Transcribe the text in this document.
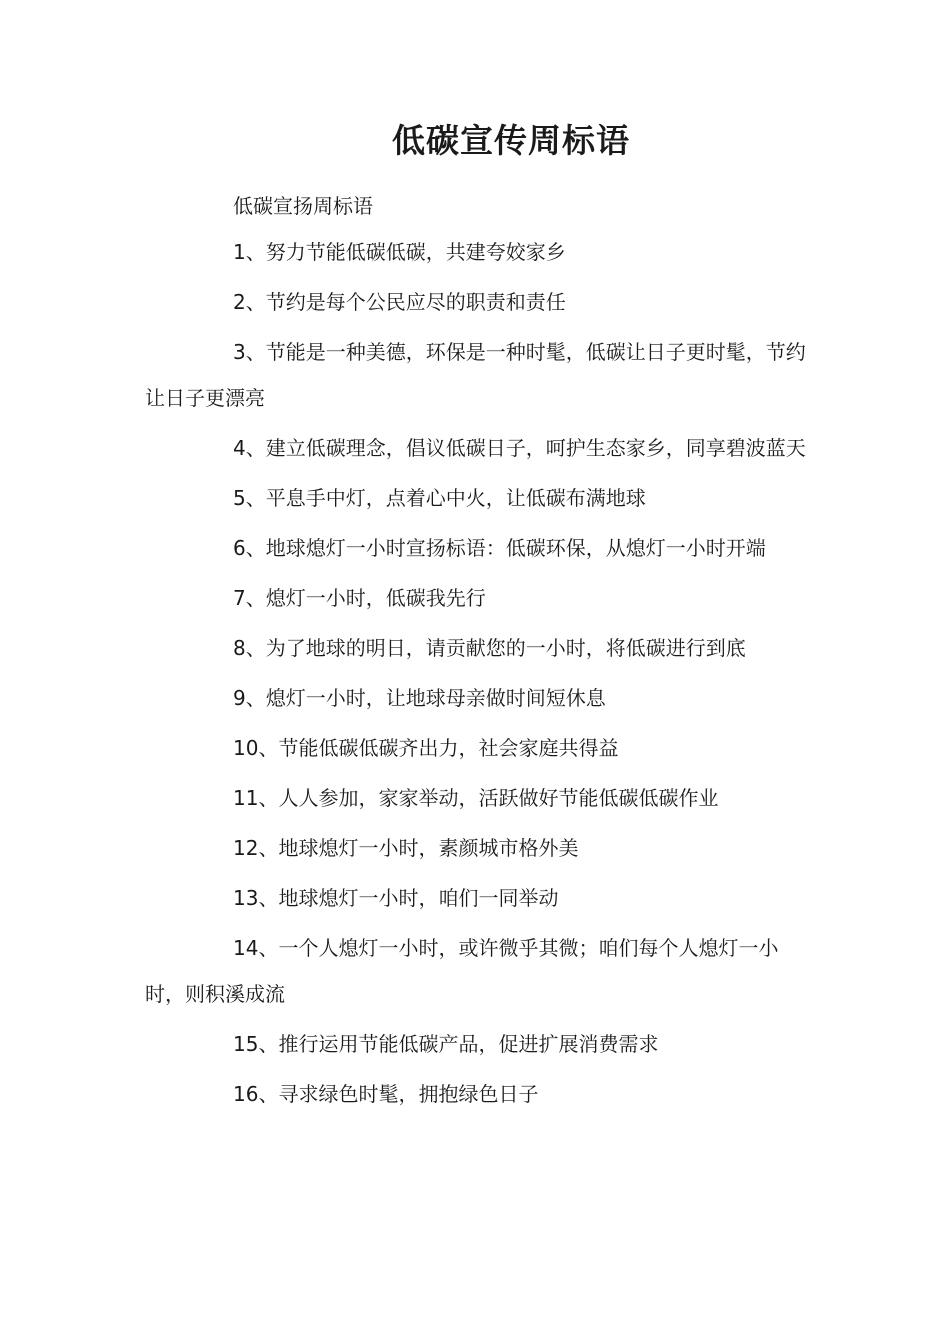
低碳宣传周标语

低碳宣扬周标语

1、努力节能低碳低碳，共建夸姣家乡

2、节约是每个公民应尽的职责和责任

3、节能是一种美德，环保是一种时髦，低碳让日子更时髦，节约让日子更漂亮

4、建立低碳理念，倡议低碳日子，呵护生态家乡，同享碧波蓝天

5、平息手中灯，点着心中火，让低碳布满地球

6、地球熄灯一小时宣扬标语：低碳环保，从熄灯一小时开端

7、熄灯一小时，低碳我先行

8、为了地球的明日，请贡献您的一小时，将低碳进行到底

9、熄灯一小时，让地球母亲做时间短休息

10、节能低碳低碳齐出力，社会家庭共得益

11、人人参加，家家举动，活跃做好节能低碳低碳作业

12、地球熄灯一小时，素颜城市格外美

13、地球熄灯一小时，咱们一同举动

14、一个人熄灯一小时，或许微乎其微；咱们每个人熄灯一小时，则积溪成流

15、推行运用节能低碳产品，促进扩展消费需求

16、寻求绿色时髦，拥抱绿色日子
